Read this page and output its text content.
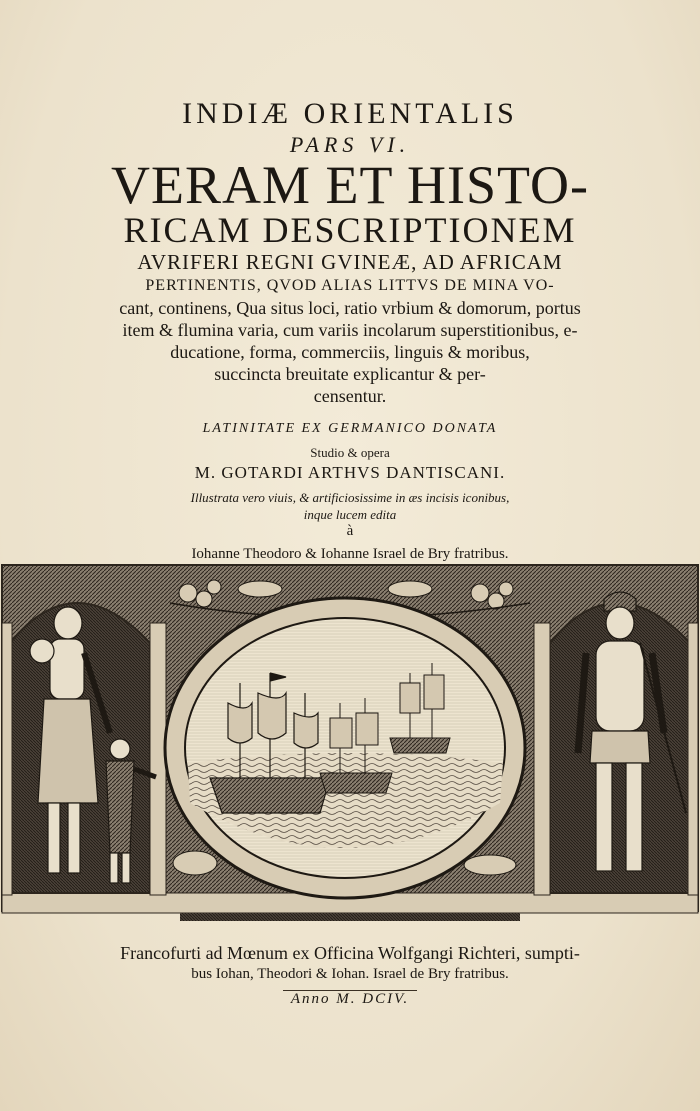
INDIÆ ORIENTALIS
PARS VI.
VERAM ET HISTO-
RICAM DESCRIPTIONEM
AVRIFERI REGNI GVINEÆ, AD AFRICAM
PERTINENTIS, QVOD ALIAS LITTVS DE MINA VO-
cant, continens, Qua situs loci, ratio vrbium & domorum, portus
item & flumina varia, cum variis incolarum superstitionibus, e-
ducatione, forma, commerciis, linguis & moribus,
succincta breuitate explicantur & per-
censentur.
LATINITATE EX GERMANICO DONATA
Studio & opera
M. GOTARDI ARTHVS DANTISCANI.
Illustrata vero viuis, & artificiosissime in æs incisis iconibus,
inque lucem edita
à
Iohanne Theodoro & Iohanne Israel de Bry fratribus.
Francofurti ad Mœnum ex Officina Wolfgangi Richteri, sumpti-
bus Iohan, Theodori & Iohan. Israel de Bry fratribus.
Anno M. DCIV.
